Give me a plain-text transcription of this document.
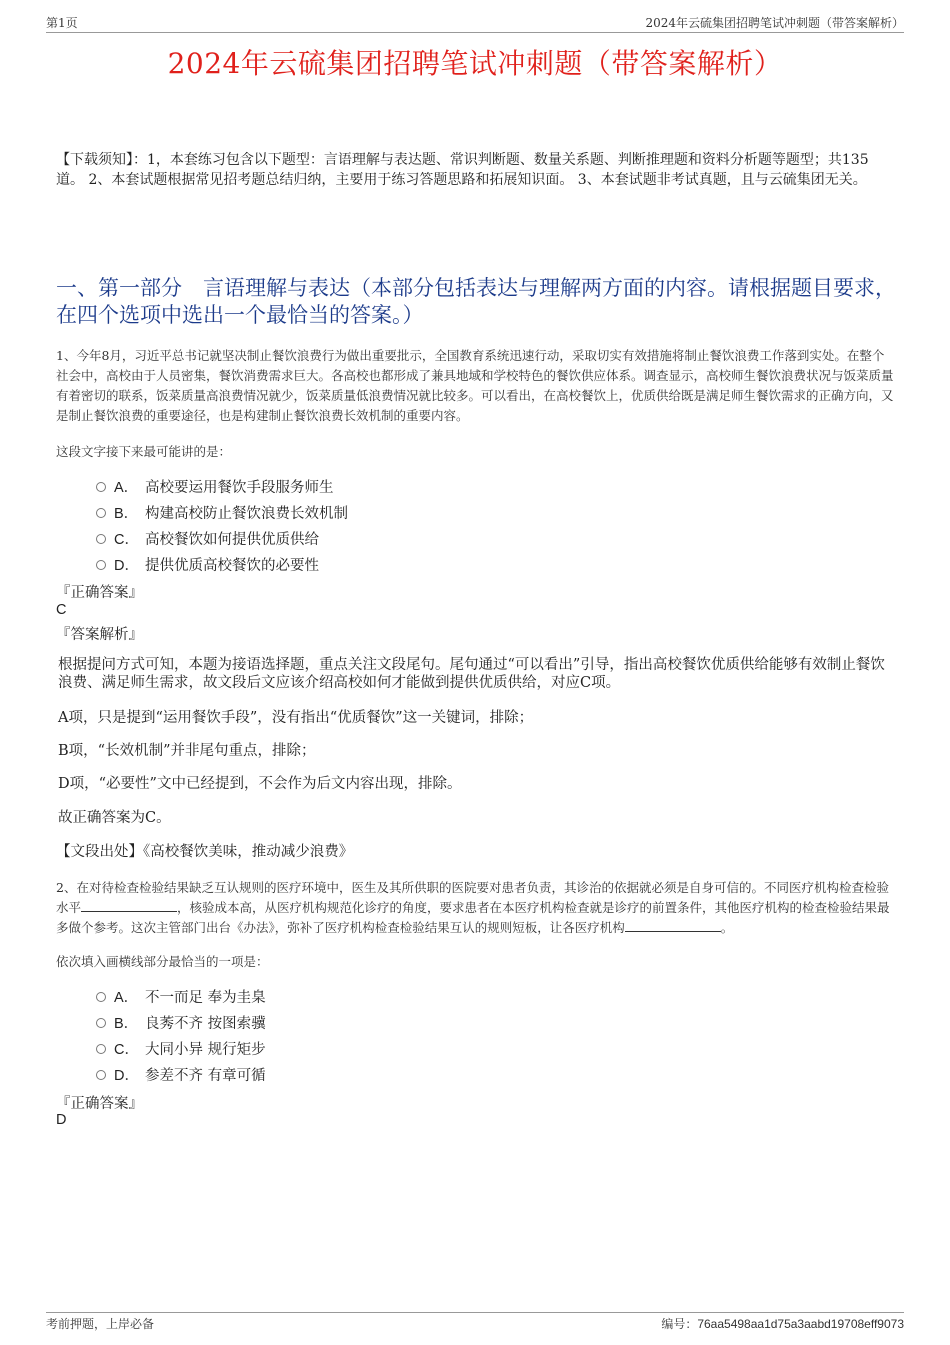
第1页	2024年云硫集团招聘笔试冲刺题（带答案解析）
2024年云硫集团招聘笔试冲刺题（带答案解析）
【下载须知】：1，本套练习包含以下题型：言语理解与表达题、常识判断题、数量关系题、判断推理题和资料分析题等题型；共135道。 2、本套试题根据常见招考题总结归纳，主要用于练习答题思路和拓展知识面。 3、本套试题非考试真题，且与云硫集团无关。
一、第一部分　言语理解与表达（本部分包括表达与理解两方面的内容。请根据题目要求，在四个选项中选出一个最恰当的答案。）
1、今年8月，习近平总书记就坚决制止餐饮浪费行为做出重要批示，全国教育系统迅速行动，采取切实有效措施将制止餐饮浪费工作落到实处。在整个社会中，高校由于人员密集，餐饮消费需求巨大。各高校也都形成了兼具地域和学校特色的餐饮供应体系。调查显示，高校师生餐饮浪费状况与饭菜质量有着密切的联系，饭菜质量高浪费情况就少，饭菜质量低浪费情况就比较多。可以看出，在高校餐饮上，优质供给既是满足师生餐饮需求的正确方向，又是制止餐饮浪费的重要途径，也是构建制止餐饮浪费长效机制的重要内容。
这段文字接下来最可能讲的是：
A． 高校要运用餐饮手段服务师生
B． 构建高校防止餐饮浪费长效机制
C． 高校餐饮如何提供优质供给
D． 提供优质高校餐饮的必要性
『正确答案』
C
『答案解析』
根据提问方式可知，本题为接语选择题，重点关注文段尾句。尾句通过“可以看出”引导，指出高校餐饮优质供给能够有效制止餐饮浪费、满足师生需求，故文段后文应该介绍高校如何才能做到提供优质供给，对应C项。
A项，只是提到“运用餐饮手段”，没有指出“优质餐饮”这一关键词，排除；
B项，“长效机制”并非尾句重点，排除；
D项，“必要性”文中已经提到，不会作为后文内容出现，排除。
故正确答案为C。
【文段出处】《高校餐饮美味，推动减少浪费》
2、在对待检查检验结果缺乏互认规则的医疗环境中，医生及其所供职的医院要对患者负责，其诊治的依据就必须是自身可信的。不同医疗机构检查检验水平	，核验成本高，从医疗机构规范化诊疗的角度，要求患者在本医疗机构检查就是诊疗的前置条件，其他医疗机构的检查检验结果最多做个参考。这次主管部门出台《办法》，弥补了医疗机构检查检验结果互认的规则短板，让各医疗机构	。
依次填入画横线部分最恰当的一项是：
A． 不一而足 奉为圭臬
B． 良莠不齐 按图索骥
C． 大同小异 规行矩步
D． 参差不齐 有章可循
『正确答案』
D
考前押题，上岸必备	编号：76aa5498aa1d75a3aabd19708eff9073
